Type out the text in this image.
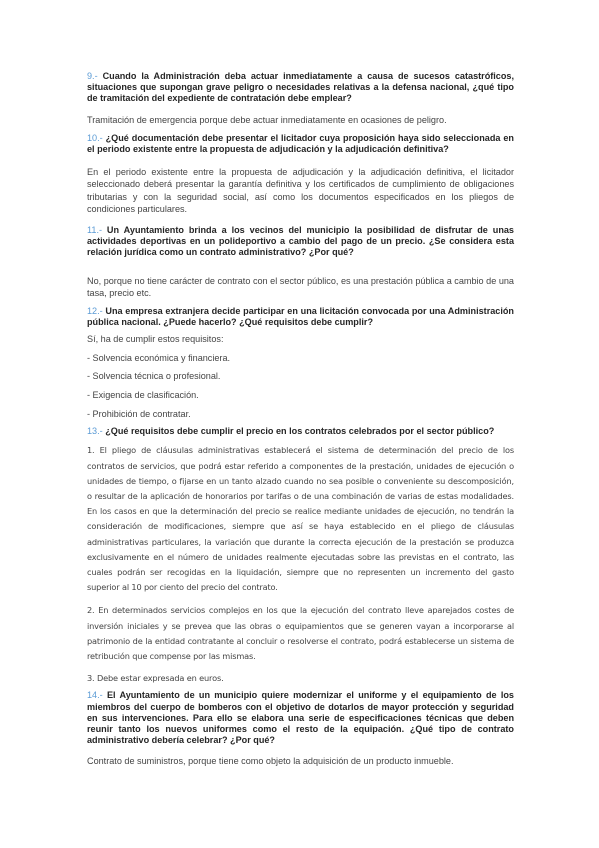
9.- Cuando la Administración deba actuar inmediatamente a causa de sucesos catastróficos, situaciones que supongan grave peligro o necesidades relativas a la defensa nacional, ¿qué tipo de tramitación del expediente de contratación debe emplear?

Tramitación de emergencia porque debe actuar inmediatamente en ocasiones de peligro.

10.- ¿Qué documentación debe presentar el licitador cuya proposición haya sido seleccionada en el periodo existente entre la propuesta de adjudicación y la adjudicación definitiva?

En el periodo existente entre la propuesta de adjudicación y la adjudicación definitiva, el licitador seleccionado deberá presentar la garantía definitiva y los certificados de cumplimiento de obligaciones tributarias y con la seguridad social, así como los documentos especificados en los pliegos de condiciones particulares.

11.- Un Ayuntamiento brinda a los vecinos del municipio la posibilidad de disfrutar de unas actividades deportivas en un polideportivo a cambio del pago de un precio. ¿Se considera esta relación jurídica como un contrato administrativo? ¿Por qué?

No, porque no tiene carácter de contrato con el sector público, es una prestación pública a cambio de una tasa, precio etc.

12.- Una empresa extranjera decide participar en una licitación convocada por una Administración pública nacional. ¿Puede hacerlo? ¿Qué requisitos debe cumplir?

Sí, ha de cumplir estos requisitos:

- Solvencia económica y financiera.

- Solvencia técnica o profesional.

- Exigencia de clasificación.

- Prohibición de contratar.

13.- ¿Qué requisitos debe cumplir el precio en los contratos celebrados por el sector público?

1. El pliego de cláusulas administrativas establecerá el sistema de determinación del precio de los contratos de servicios, que podrá estar referido a componentes de la prestación, unidades de ejecución o unidades de tiempo, o fijarse en un tanto alzado cuando no sea posible o conveniente su descomposición, o resultar de la aplicación de honorarios por tarifas o de una combinación de varias de estas modalidades. En los casos en que la determinación del precio se realice mediante unidades de ejecución, no tendrán la consideración de modificaciones, siempre que así se haya establecido en el pliego de cláusulas administrativas particulares, la variación que durante la correcta ejecución de la prestación se produzca exclusivamente en el número de unidades realmente ejecutadas sobre las previstas en el contrato, las cuales podrán ser recogidas en la liquidación, siempre que no representen un incremento del gasto superior al 10 por ciento del precio del contrato.

2. En determinados servicios complejos en los que la ejecución del contrato lleve aparejados costes de inversión iniciales y se prevea que las obras o equipamientos que se generen vayan a incorporarse al patrimonio de la entidad contratante al concluir o resolverse el contrato, podrá establecerse un sistema de retribución que compense por las mismas.

3. Debe estar expresada en euros.

14.- El Ayuntamiento de un municipio quiere modernizar el uniforme y el equipamiento de los miembros del cuerpo de bomberos con el objetivo de dotarlos de mayor protección y seguridad en sus intervenciones. Para ello se elabora una serie de especificaciones técnicas que deben reunir tanto los nuevos uniformes como el resto de la equipación. ¿Qué tipo de contrato administrativo debería celebrar? ¿Por qué?

Contrato de suministros, porque tiene como objeto la adquisición de un producto inmueble.
